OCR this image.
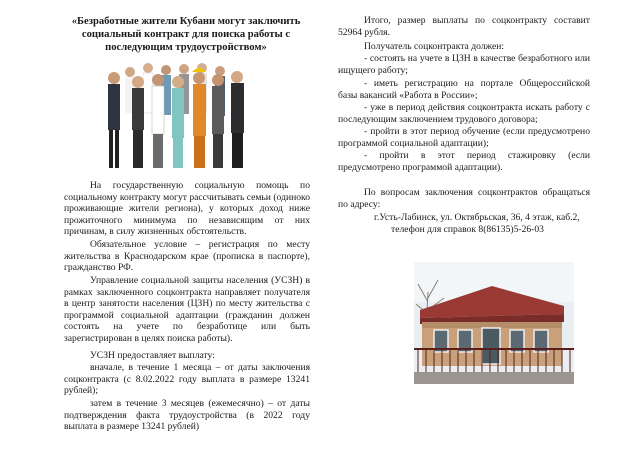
«Безработные жители Кубани могут заключить социальный контракт для поиска работы с последующим трудоустройством»

На государственную социальную помощь по социальному контракту могут рассчитывать семьи (одиноко проживающие жители региона), у которых доход ниже прожиточного минимума по независящим от них причинам, в силу жизненных обстоятельств.

Обязательное условие – регистрация по месту жительства в Краснодарском крае (прописка в паспорте), гражданство РФ.

Управление социальной защиты населения (УСЗН) в рамках заключенного соцконтракта направляет получателя в центр занятости населения (ЦЗН) по месту жительства с программой социальной адаптации (гражданин должен состоять на учете по безработице или быть зарегистрирован в целях поиска работы).

УСЗН предоставляет выплату:

вначале, в течение 1 месяца – от даты заключения соцконтракта (с 8.02.2022 году выплата в размере 13241 рублей);

затем в течение 3 месяцев (ежемесячно) – от даты подтверждения факта трудоустройства (в 2022 году выплата в размере 13241 рублей)

Итого, размер выплаты по соцконтракту составит 52964 рубля.

Получатель соцконтракта должен:

- состоять на учете в ЦЗН в качестве безработного или ищущего работу;

- иметь регистрацию на портале Общероссийской базы вакансий «Работа в России»;

- уже в период действия соцконтракта искать работу с последующим заключением трудового договора;

- пройти в этот период обучение (если предусмотрено программой социальной адаптации);

- пройти в этот период стажировку (если предусмотрено программой адаптации).

По вопросам заключения соцконтрактов обращаться по адресу:

г.Усть-Лабинск, ул. Октябрьская, 36, 4 этаж, каб.2,

телефон для справок 8(86135)5-26-03
